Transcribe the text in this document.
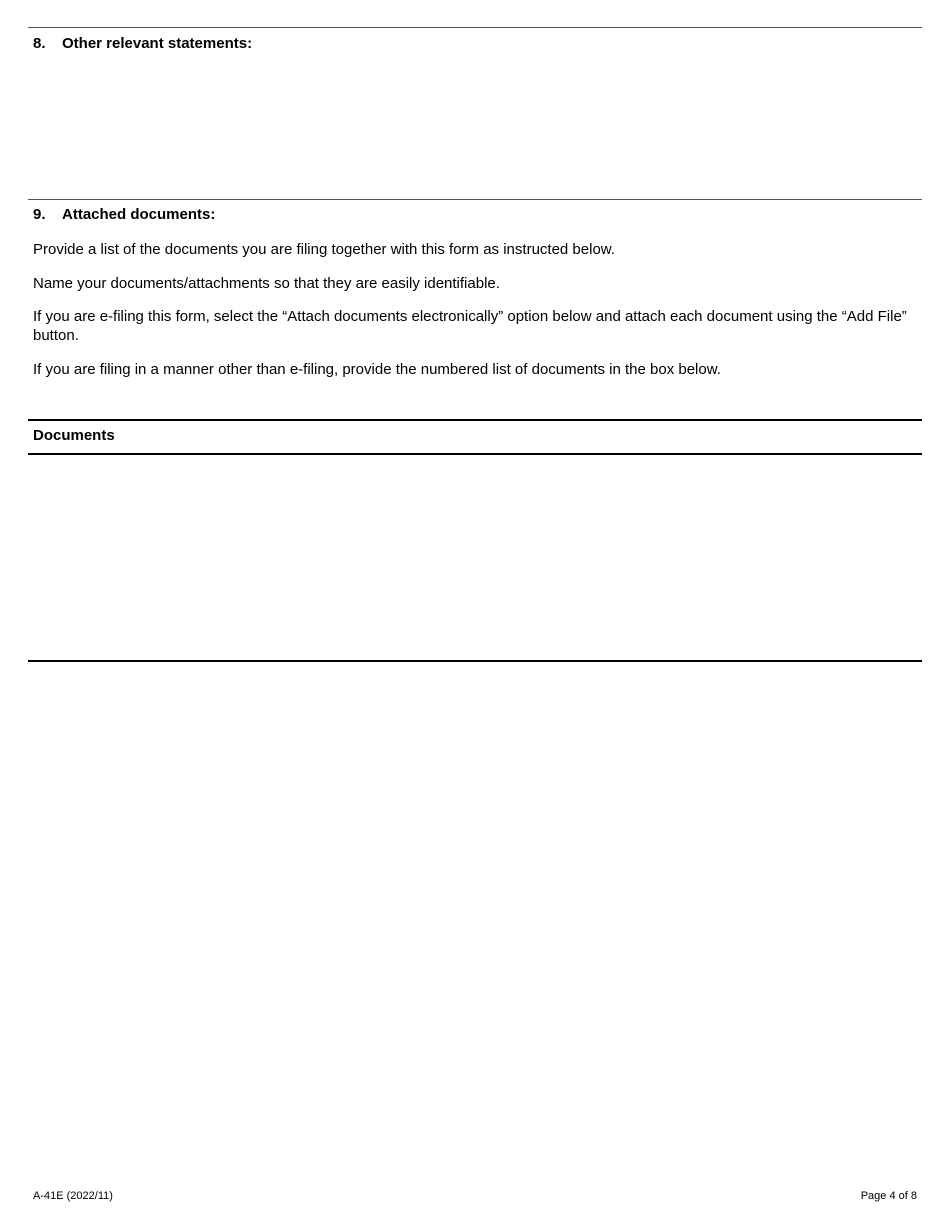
8. Other relevant statements:
9. Attached documents:

Provide a list of the documents you are filing together with this form as instructed below.

Name your documents/attachments so that they are easily identifiable.

If you are e-filing this form, select the “Attach documents electronically” option below and attach each document using the “Add File” button.

If you are filing in a manner other than e-filing, provide the numbered list of documents in the box below.

Documents
A-41E (2022/11)	Page 4 of 8
